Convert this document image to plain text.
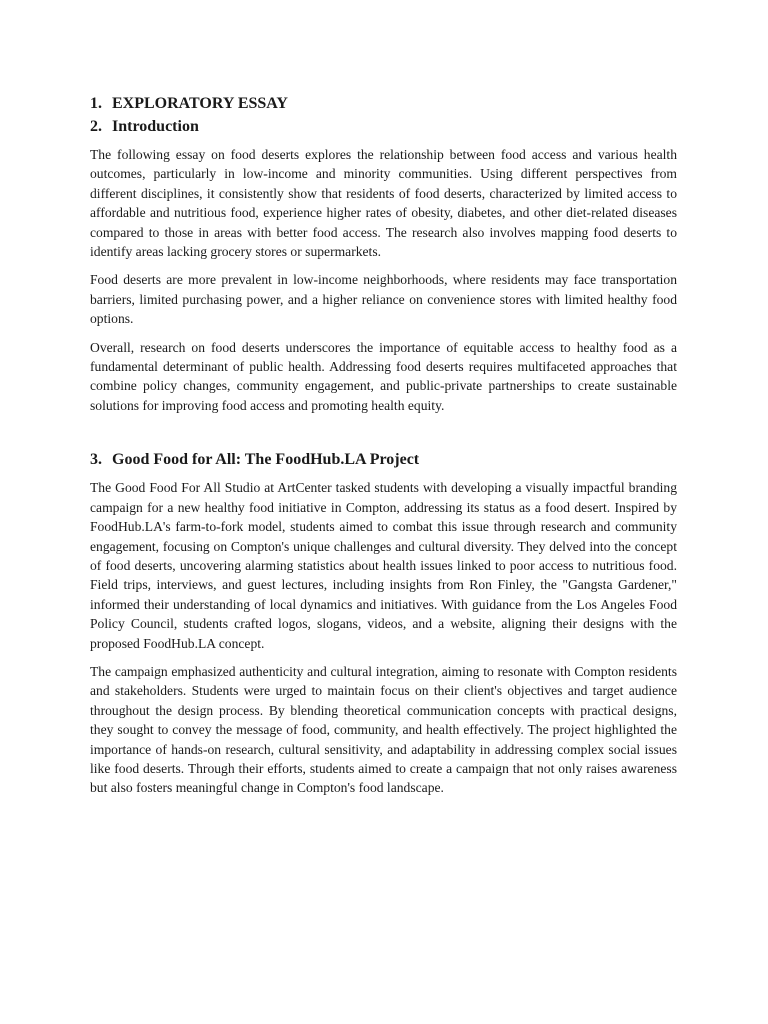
1. EXPLORATORY ESSAY
2. Introduction

The following essay on food deserts explores the relationship between food access and various health outcomes, particularly in low-income and minority communities. Using different perspectives from different disciplines, it consistently show that residents of food deserts, characterized by limited access to affordable and nutritious food, experience higher rates of obesity, diabetes, and other diet-related diseases compared to those in areas with better food access. The research also involves mapping food deserts to identify areas lacking grocery stores or supermarkets.

Food deserts are more prevalent in low-income neighborhoods, where residents may face transportation barriers, limited purchasing power, and a higher reliance on convenience stores with limited healthy food options.

Overall, research on food deserts underscores the importance of equitable access to healthy food as a fundamental determinant of public health. Addressing food deserts requires multifaceted approaches that combine policy changes, community engagement, and public-private partnerships to create sustainable solutions for improving food access and promoting health equity.

3. Good Food for All: The FoodHub.LA Project

The Good Food For All Studio at ArtCenter tasked students with developing a visually impactful branding campaign for a new healthy food initiative in Compton, addressing its status as a food desert. Inspired by FoodHub.LA's farm-to-fork model, students aimed to combat this issue through research and community engagement, focusing on Compton's unique challenges and cultural diversity. They delved into the concept of food deserts, uncovering alarming statistics about health issues linked to poor access to nutritious food. Field trips, interviews, and guest lectures, including insights from Ron Finley, the "Gangsta Gardener," informed their understanding of local dynamics and initiatives. With guidance from the Los Angeles Food Policy Council, students crafted logos, slogans, videos, and a website, aligning their designs with the proposed FoodHub.LA concept.

The campaign emphasized authenticity and cultural integration, aiming to resonate with Compton residents and stakeholders. Students were urged to maintain focus on their client's objectives and target audience throughout the design process. By blending theoretical communication concepts with practical designs, they sought to convey the message of food, community, and health effectively. The project highlighted the importance of hands-on research, cultural sensitivity, and adaptability in addressing complex social issues like food deserts. Through their efforts, students aimed to create a campaign that not only raises awareness but also fosters meaningful change in Compton's food landscape.
